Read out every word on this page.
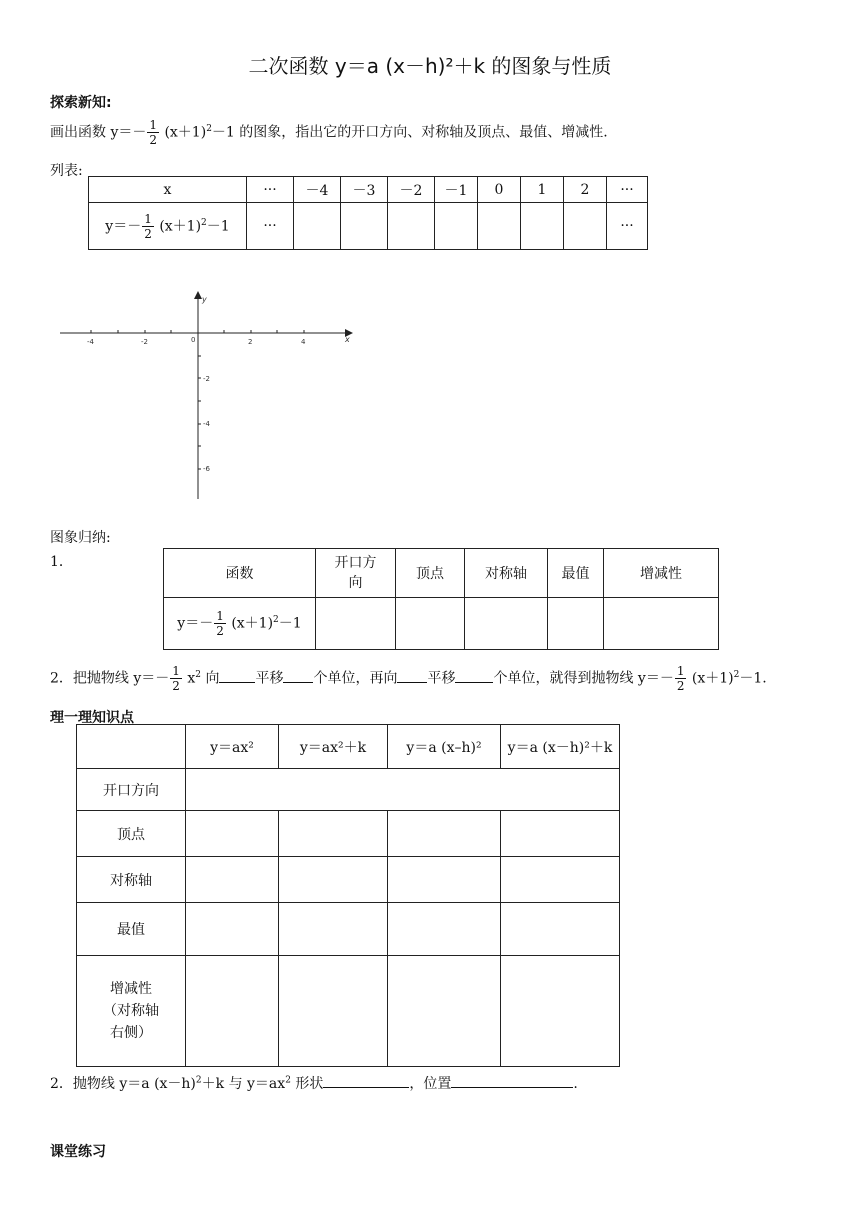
二次函数 y＝a (x－h)²＋k 的图象与性质
探索新知:
画出函数 $y=- \frac{1}{2} (x+1)^2-1$ 的图象，指出它的开口方向、对称轴及顶点、最值、增减性.
列表:
x	···	－4	－3	－2	－1	0	1	2	···
$y=- \frac{1}{2} (x+1)^2-1$	···								···
-4	-2	2	4
0	x
y
-2
-4
-6
图象归纳:
1．
函数	开口方向	顶点	对称轴	最值	增减性
$y=- \frac{1}{2} (x+1)^2-1$					
2．把抛物线 $y=- \frac{1}{2} x^2$ 向	平移 个单位，再向 平移	个单位，就得到抛物线 $y=- \frac{1}{2} (x+1)^2-1$.
理一理知识点
	y＝ax²	y＝ax²＋k	y＝a (x–h)²	y＝a (x－h)²＋k
开口方向				
顶点				
对称轴				
最值				
增减性（对称轴右侧）				
2．抛物线 y＝a $(x-h)^2+k$ 与 $y=ax^2$ 形状	，位置	.
课堂练习
